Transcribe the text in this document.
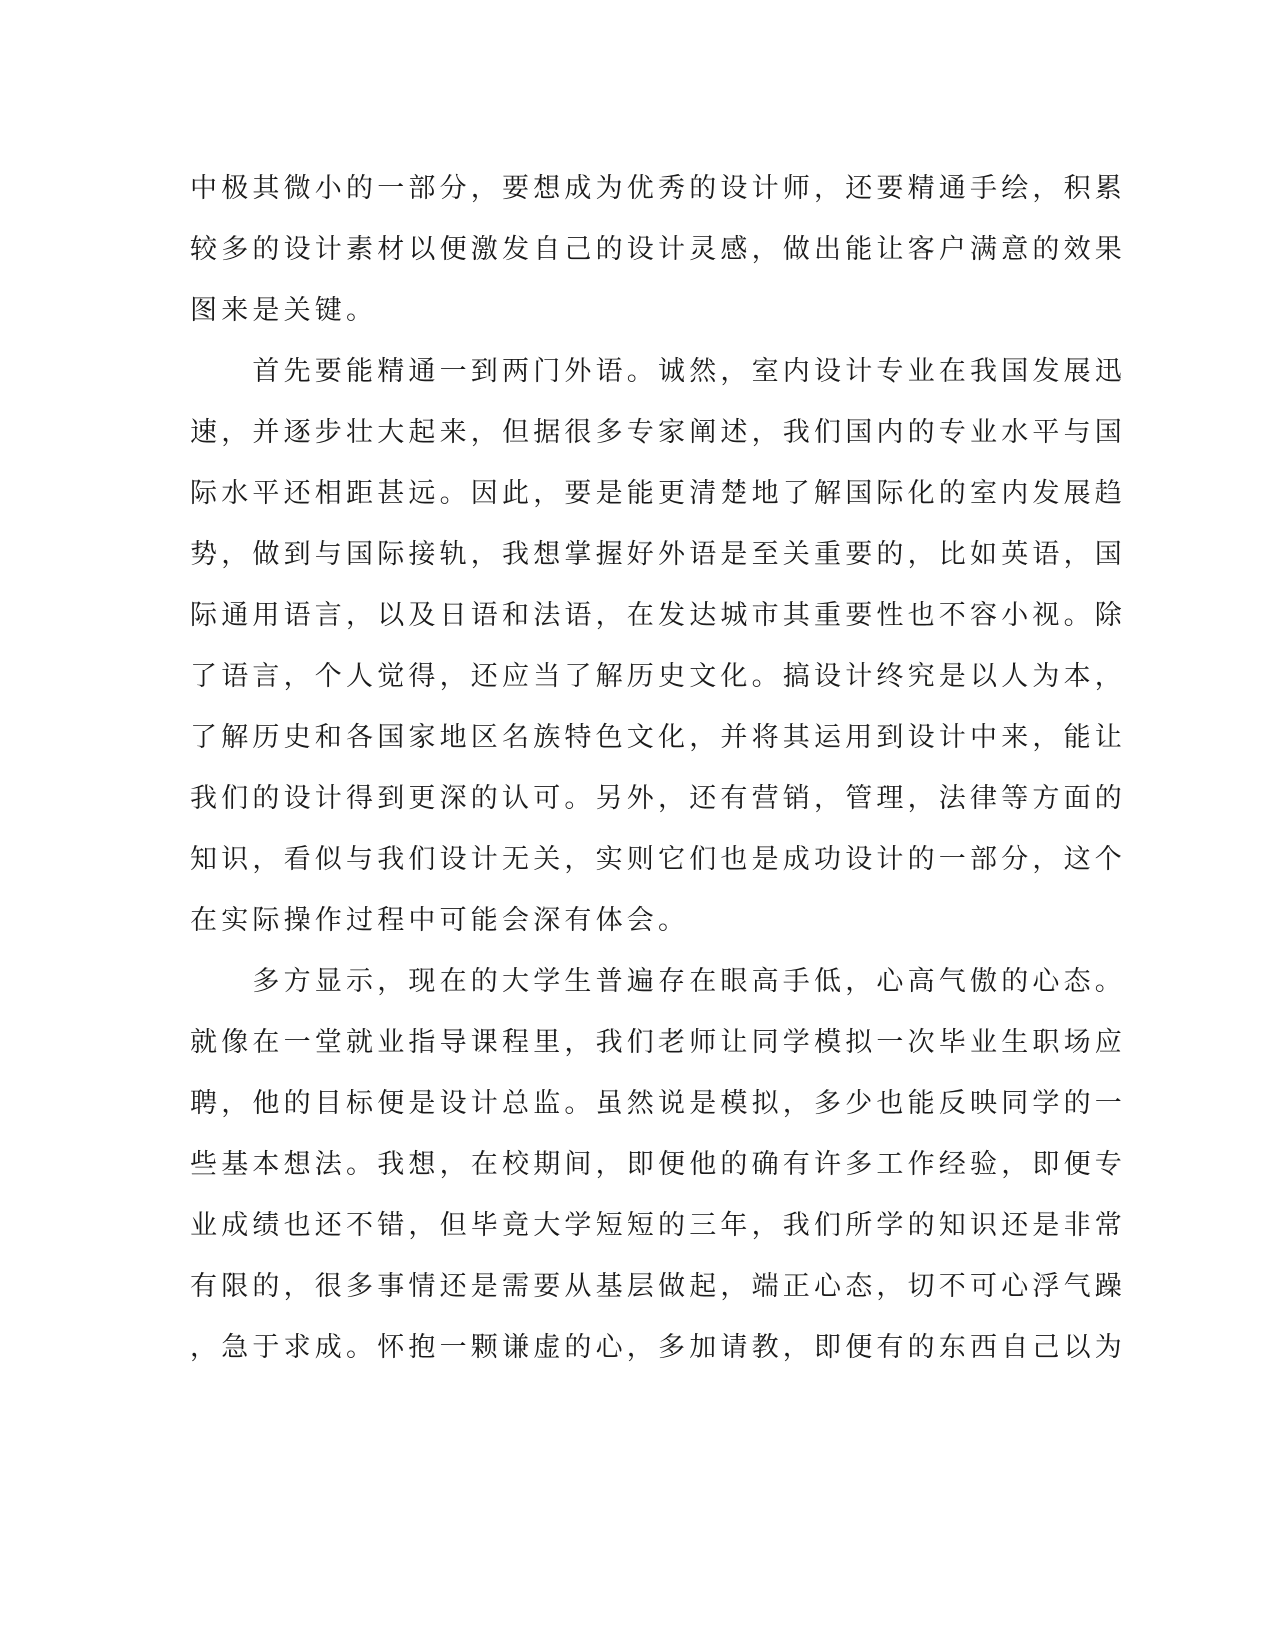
中极其微小的一部分，要想成为优秀的设计师，还要精通手绘，积累
较多的设计素材以便激发自己的设计灵感，做出能让客户满意的效果
图来是关键。
　　首先要能精通一到两门外语。诚然，室内设计专业在我国发展迅
速，并逐步壮大起来，但据很多专家阐述，我们国内的专业水平与国
际水平还相距甚远。因此，要是能更清楚地了解国际化的室内发展趋
势，做到与国际接轨，我想掌握好外语是至关重要的，比如英语，国
际通用语言，以及日语和法语，在发达城市其重要性也不容小视。除
了语言，个人觉得，还应当了解历史文化。搞设计终究是以人为本，
了解历史和各国家地区名族特色文化，并将其运用到设计中来，能让
我们的设计得到更深的认可。另外，还有营销，管理，法律等方面的
知识，看似与我们设计无关，实则它们也是成功设计的一部分，这个
在实际操作过程中可能会深有体会。
　　多方显示，现在的大学生普遍存在眼高手低，心高气傲的心态。
就像在一堂就业指导课程里，我们老师让同学模拟一次毕业生职场应
聘，他的目标便是设计总监。虽然说是模拟，多少也能反映同学的一
些基本想法。我想，在校期间，即便他的确有许多工作经验，即便专
业成绩也还不错，但毕竟大学短短的三年，我们所学的知识还是非常
有限的，很多事情还是需要从基层做起，端正心态，切不可心浮气躁
，急于求成。怀抱一颗谦虚的心，多加请教，即便有的东西自己以为
